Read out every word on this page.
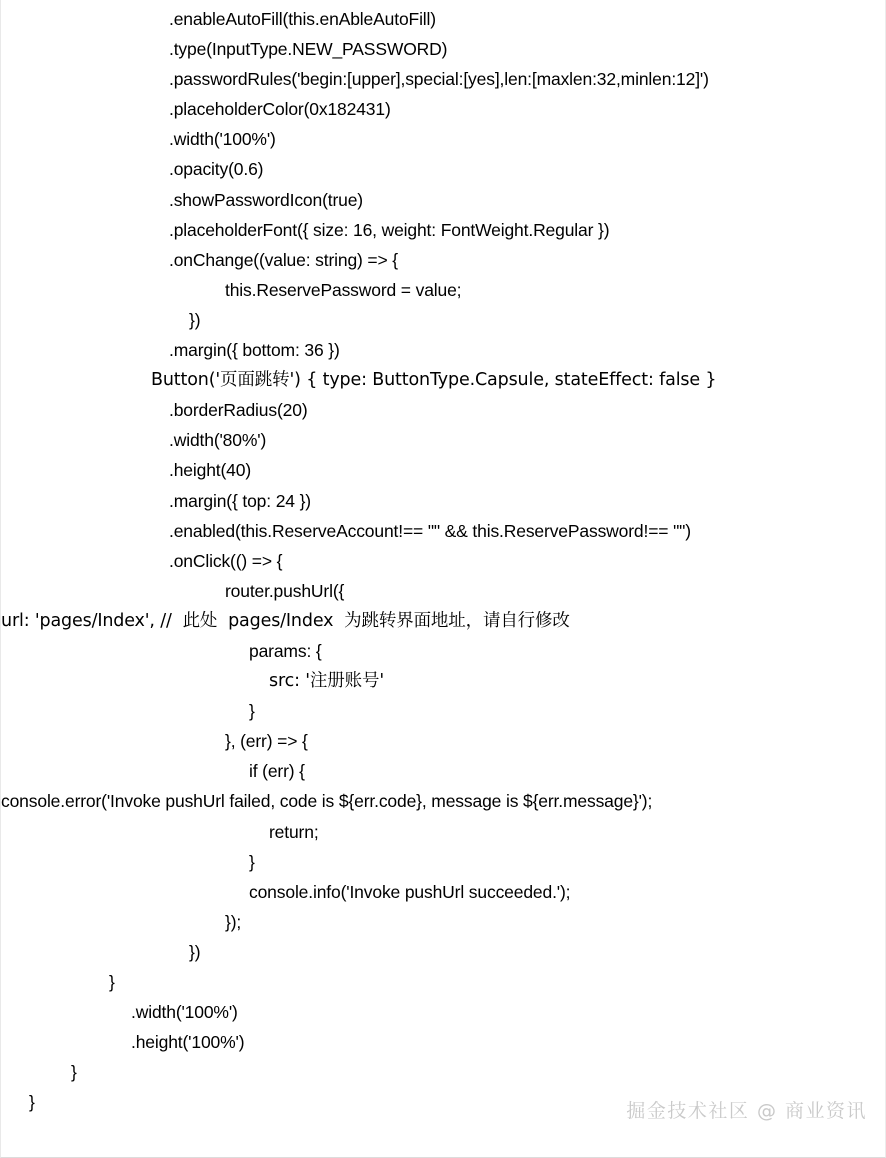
.enableAutoFill(this.enAbleAutoFill)
.type(InputType.NEW_PASSWORD)
.passwordRules('begin:[upper],special:[yes],len:[maxlen:32,minlen:12]')
.placeholderColor(0x182431)
.width('100%')
.opacity(0.6)
.showPasswordIcon(true)
.placeholderFont({ size: 16, weight: FontWeight.Regular })
.onChange((value: string) => {
this.ReservePassword = value;
})
.margin({ bottom: 36 })
Button('页面跳转') { type: ButtonType.Capsule, stateEffect: false }
.borderRadius(20)
.width('80%')
.height(40)
.margin({ top: 24 })
.enabled(this.ReserveAccount!== "" && this.ReservePassword!== "")
.onClick(() => {
router.pushUrl({
url: 'pages/Index', //  此处  pages/Index  为跳转界面地址，请自行修改
params: {
src: '注册账号'
}
}, (err) => {
if (err) {
console.error('Invoke pushUrl failed, code is ${err.code}, message is ${err.message}');
return;
}
console.info('Invoke pushUrl succeeded.');
});
})
}
.width('100%')
.height('100%')
}
}	掘金技术社区 @ 商业资讯
